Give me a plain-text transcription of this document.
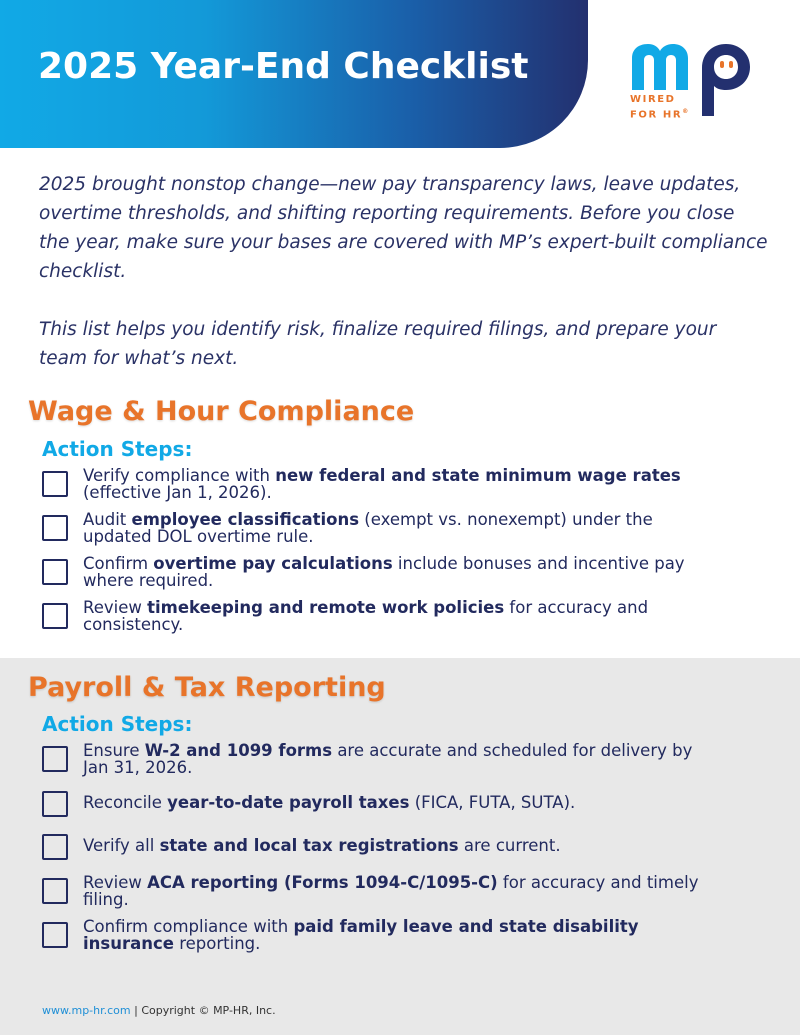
2025 Year-End Checklist
WIRED
FOR HR®

2025 brought nonstop change—new pay transparency laws, leave updates, overtime thresholds, and shifting reporting requirements. Before you close the year, make sure your bases are covered with MP’s expert-built compliance checklist.

This list helps you identify risk, finalize required filings, and prepare your team for what’s next.

Wage & Hour Compliance
Action Steps:
Verify compliance with new federal and state minimum wage rates (effective Jan 1, 2026).
Audit employee classifications (exempt vs. nonexempt) under the updated DOL overtime rule.
Confirm overtime pay calculations include bonuses and incentive pay where required.
Review timekeeping and remote work policies for accuracy and consistency.
Payroll & Tax Reporting
Action Steps:
Ensure W-2 and 1099 forms are accurate and scheduled for delivery by Jan 31, 2026.
Reconcile year-to-date payroll taxes (FICA, FUTA, SUTA).
Verify all state and local tax registrations are current.
Review ACA reporting (Forms 1094-C/1095-C) for accuracy and timely filing.
Confirm compliance with paid family leave and state disability insurance reporting.
www.mp-hr.com | Copyright © MP-HR, Inc.
